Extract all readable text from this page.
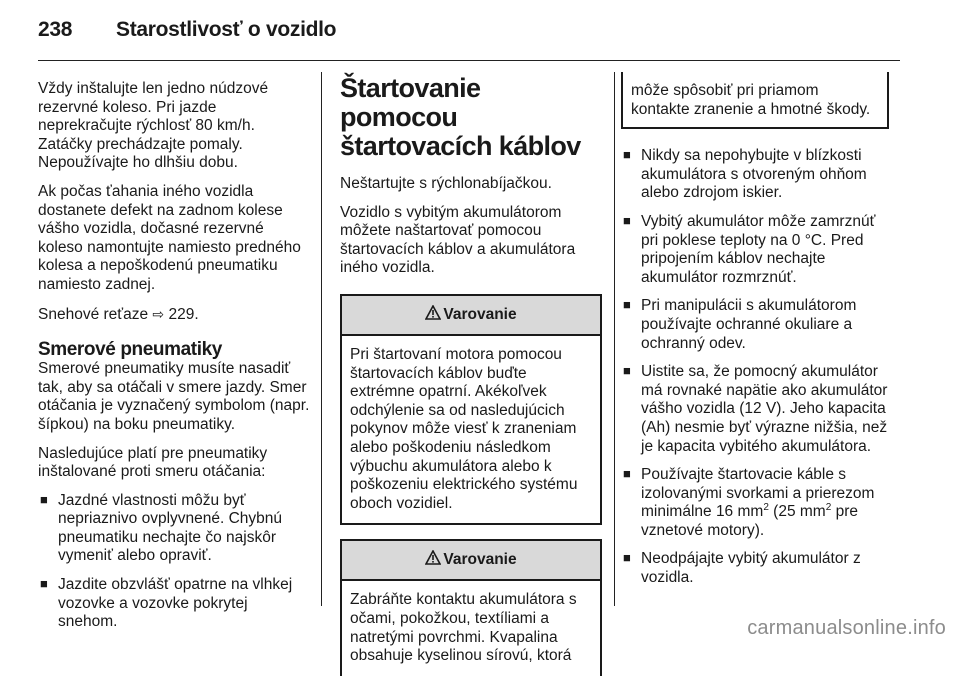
238 Starostlivosť o vozidlo

Vždy inštalujte len jedno núdzové rezervné koleso. Pri jazde neprekračujte rýchlosť 80 km/h. Zatáčky prechádzajte pomaly. Nepoužívajte ho dlhšiu dobu.

Ak počas ťahania iného vozidla dostanete defekt na zadnom kolese vášho vozidla, dočasné rezervné koleso namontujte namiesto predného kolesa a nepoškodenú pneumatiku namiesto zadnej.

Snehové reťaze ⇨ 229.

Smerové pneumatiky

Smerové pneumatiky musíte nasadiť tak, aby sa otáčali v smere jazdy. Smer otáčania je vyznačený symbolom (napr. šípkou) na boku pneumatiky.

Nasledujúce platí pre pneumatiky inštalované proti smeru otáčania:

■ Jazdné vlastnosti môžu byť nepriaznivo ovplyvnené. Chybnú pneumatiku nechajte čo najskôr vymeniť alebo opraviť.
■ Jazdite obzvlášť opatrne na vlhkej vozovke a vozovke pokrytej snehom.
Štartovanie pomocou štartovacích káblov

Neštartujte s rýchlonabíjačkou.

Vozidlo s vybitým akumulátorom môžete naštartovať pomocou štartovacích káblov a akumulátora iného vozidla.

Varovanie
Pri štartovaní motora pomocou štartovacích káblov buďte extrémne opatrní. Akékoľvek odchýlenie sa od nasledujúcich pokynov môže viesť k zraneniam alebo poškodeniu následkom výbuchu akumulátora alebo k poškozeniu elektrického systému oboch vozidiel.
Varovanie
Zabráňte kontaktu akumulátora s očami, pokožkou, textíliami a natretými povrchmi. Kvapalina obsahuje kyselinou sírovú, ktorá
môže spôsobiť pri priamom kontakte zranenie a hmotné škody.
■ Nikdy sa nepohybujte v blízkosti akumulátora s otvoreným ohňom alebo zdrojom iskier.
■ Vybitý akumulátor môže zamrznúť pri poklese teploty na 0 °C. Pred pripojením káblov nechajte akumulátor rozmrznúť.
■ Pri manipulácii s akumulátorom používajte ochranné okuliare a ochranný odev.
■ Uistite sa, že pomocný akumulátor má rovnaké napätie ako akumulátor vášho vozidla (12 V). Jeho kapacita (Ah) nesmie byť výrazne nižšia, než je kapacita vybitého akumulátora.
■ Používajte štartovacie káble s izolovanými svorkami a prierezom minimálne 16 $mm^2$ (25 $mm^2$ pre vznetové motory).
■ Neodpájajte vybitý akumulátor z vozidla.
carmanualsonline.info
